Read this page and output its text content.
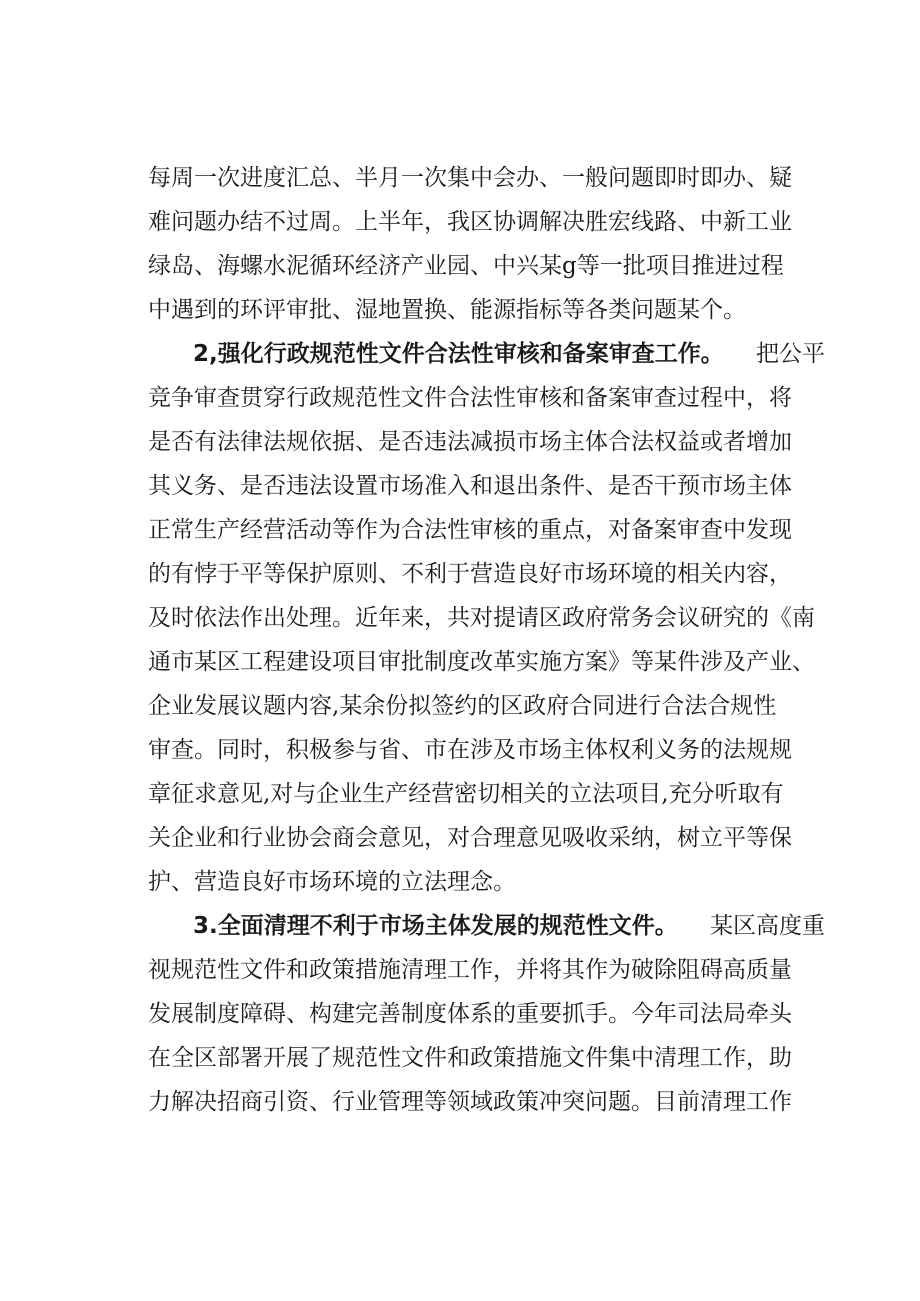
每周一次进度汇总、半月一次集中会办、一般问题即时即办、疑
难问题办结不过周。上半年，我区协调解决胜宏线路、中新工业
绿岛、海螺水泥循环经济产业园、中兴某g等一批项目推进过程
中遇到的环评审批、湿地置换、能源指标等各类问题某个。
2,强化行政规范性文件合法性审核和备案审查工作。 把公平
竞争审查贯穿行政规范性文件合法性审核和备案审查过程中，将
是否有法律法规依据、是否违法减损市场主体合法权益或者增加
其义务、是否违法设置市场准入和退出条件、是否干预市场主体
正常生产经营活动等作为合法性审核的重点，对备案审查中发现
的有悖于平等保护原则、不利于营造良好市场环境的相关内容，
及时依法作出处理。近年来，共对提请区政府常务会议研究的《南
通市某区工程建设项目审批制度改革实施方案》等某件涉及产业、
企业发展议题内容,某余份拟签约的区政府合同进行合法合规性
审查。同时，积极参与省、市在涉及市场主体权利义务的法规规
章征求意见,对与企业生产经营密切相关的立法项目,充分听取有
关企业和行业协会商会意见，对合理意见吸收采纳，树立平等保
护、营造良好市场环境的立法理念。
3.全面清理不利于市场主体发展的规范性文件。 某区高度重
视规范性文件和政策措施清理工作，并将其作为破除阻碍高质量
发展制度障碍、构建完善制度体系的重要抓手。今年司法局牵头
在全区部署开展了规范性文件和政策措施文件集中清理工作，助
力解决招商引资、行业管理等领域政策冲突问题。目前清理工作
